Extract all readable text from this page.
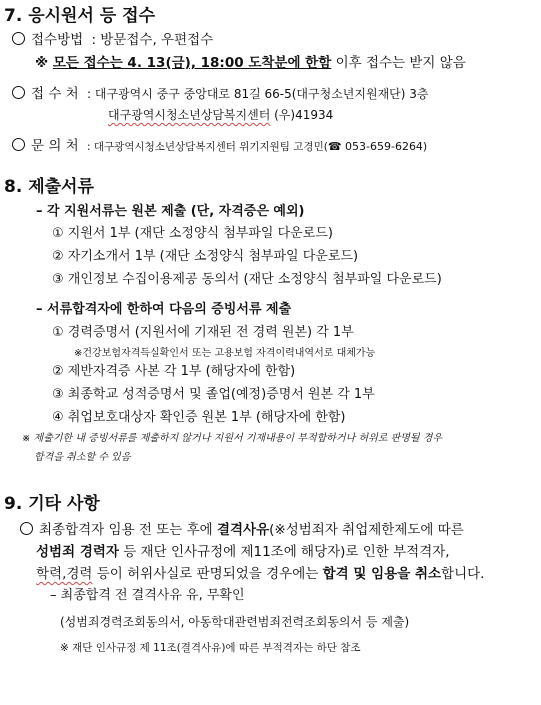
7. 응시원서 등 접수
접수방법 : 방문접수, 우편접수
※ 모든 접수는 4. 13(금), 18:00 도착분에 한함 이후 접수는 받지 않음
접 수 처 : 대구광역시 중구 중앙대로 81길 66-5(대구청소년지원재단) 3층
대구광역시청소년상담복지센터 (우)41934
문 의 처 : 대구광역시청소년상담복지센터 위기지원팀 고경민(☎ 053-659-6264)
8. 제출서류
– 각 지원서류는 원본 제출 (단, 자격증은 예외)
① 지원서 1부 (재단 소정양식 첨부파일 다운로드)
② 자기소개서 1부 (재단 소정양식 첨부파일 다운로드)
③ 개인정보 수집이용제공 동의서 (재단 소정양식 첨부파일 다운로드)
– 서류합격자에 한하여 다음의 증빙서류 제출
① 경력증명서 (지원서에 기재된 전 경력 원본) 각 1부
※건강보험자격득실확인서 또는 고용보험 자격이력내역서로 대체가능
② 제반자격증 사본 각 1부 (해당자에 한함)
③ 최종학교 성적증명서 및 졸업(예정)증명서 원본 각 1부
④ 취업보호대상자 확인증 원본 1부 (해당자에 한함)
※ 제출기한 내 증빙서류를 제출하지 않거나 지원서 기재내용이 부적합하거나 허위로 판명될 경우
합격을 취소할 수 있음
9. 기타 사항
최종합격자 임용 전 또는 후에 결격사유(※성범죄자 취업제한제도에 따른
성범죄 경력자 등 재단 인사규정에 제11조에 해당자)로 인한 부적격자,
학력,경력 등이 허위사실로 판명되었을 경우에는 합격 및 임용을 취소합니다.
– 최종합격 전 결격사유 유, 무확인
(성범죄경력조회동의서, 아동학대관련범죄전력조회동의서 등 제출)
※ 재단 인사규정 제 11조(결격사유)에 따른 부적격자는 하단 참조
